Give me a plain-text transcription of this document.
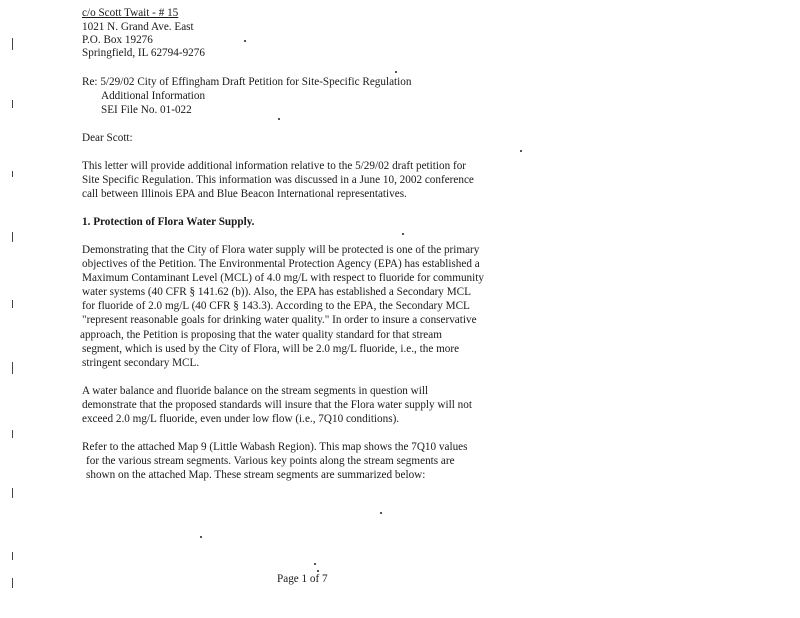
c/o Scott Twait - # 15
1021 N. Grand Ave. East
P.O. Box 19276
Springfield, IL 62794-9276
Re: 5/29/02 City of Effingham Draft Petition for Site-Specific Regulation
Additional Information
SEI File No. 01-022
Dear Scott:
This letter will provide additional information relative to the 5/29/02 draft petition for
Site Specific Regulation. This information was discussed in a June 10, 2002 conference
call between Illinois EPA and Blue Beacon International representatives.
1. Protection of Flora Water Supply.
Demonstrating that the City of Flora water supply will be protected is one of the primary
objectives of the Petition. The Environmental Protection Agency (EPA) has established a
Maximum Contaminant Level (MCL) of 4.0 mg/L with respect to fluoride for community
water systems (40 CFR § 141.62 (b)). Also, the EPA has established a Secondary MCL
for fluoride of 2.0 mg/L (40 CFR § 143.3). According to the EPA, the Secondary MCL
"represent reasonable goals for drinking water quality." In order to insure a conservative
approach, the Petition is proposing that the water quality standard for that stream
segment, which is used by the City of Flora, will be 2.0 mg/L fluoride, i.e., the more
stringent secondary MCL.
A water balance and fluoride balance on the stream segments in question will
demonstrate that the proposed standards will insure that the Flora water supply will not
exceed 2.0 mg/L fluoride, even under low flow (i.e., 7Q10 conditions).
Refer to the attached Map 9 (Little Wabash Region). This map shows the 7Q10 values
for the various stream segments. Various key points along the stream segments are
shown on the attached Map. These stream segments are summarized below:
Page 1 of 7
